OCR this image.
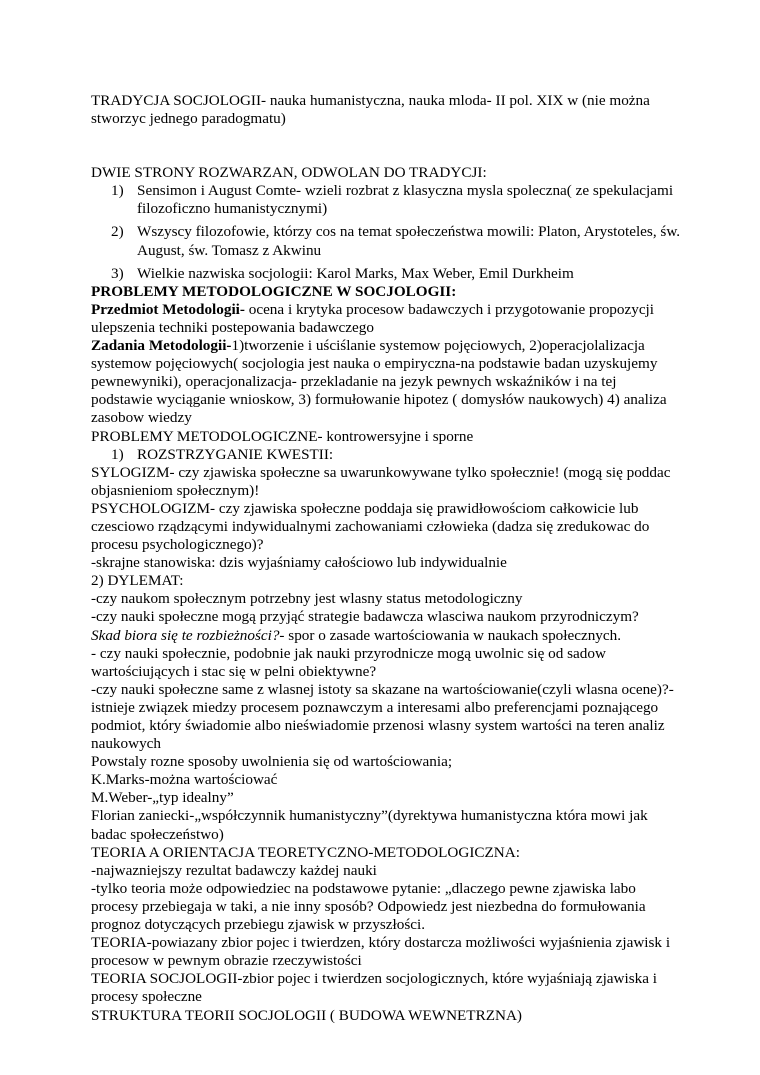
TRADYCJA SOCJOLOGII- nauka humanistyczna, nauka mloda- II pol. XIX w (nie można stworzyc jednego paradogmatu)

DWIE STRONY ROZWARZAN, ODWOLAN DO TRADYCJI:

1) Sensimon i August Comte- wzieli rozbrat z klasyczna mysla spoleczna( ze spekulacjami filozoficzno humanistycznymi)
2) Wszyscy filozofowie, którzy cos na temat społeczeństwa mowili: Platon, Arystoteles, św. August, św. Tomasz z Akwinu
3) Wielkie nazwiska socjologii: Karol Marks, Max Weber, Emil Durkheim

PROBLEMY METODOLOGICZNE W SOCJOLOGII:

Przedmiot Metodologii- ocena i krytyka procesow badawczych i przygotowanie propozycji ulepszenia techniki postepowania badawczego

Zadania Metodologii-1)tworzenie i uściślanie systemow pojęciowych, 2)operacjolalizacja systemow pojęciowych( socjologia jest nauka o empiryczna-na podstawie badan uzyskujemy pewnewyniki), operacjonalizacja- przekladanie na jezyk pewnych wskaźników i na tej podstawie wyciąganie wnioskow, 3) formułowanie hipotez ( domysłów naukowych) 4) analiza zasobow wiedzy

PROBLEMY METODOLOGICZNE- kontrowersyjne i sporne

1) ROZSTRZYGANIE KWESTII:

SYLOGIZM- czy zjawiska społeczne sa uwarunkowywane tylko społecznie! (mogą się poddac objasnieniom społecznym)!

PSYCHOLOGIZM- czy zjawiska społeczne poddaja się prawidłowościom całkowicie lub czesciowo rządzącymi indywidualnymi zachowaniami człowieka (dadza się zredukowac do procesu psychologicznego)?

-skrajne stanowiska: dzis wyjaśniamy całościowo lub indywidualnie

2) DYLEMAT:

-czy naukom społecznym potrzebny jest wlasny status metodologiczny

-czy nauki społeczne mogą przyjąć strategie badawcza wlasciwa naukom przyrodniczym?

Skad biora się te rozbieżności?- spor o zasade wartościowania w naukach społecznych.

- czy nauki społecznie, podobnie jak nauki przyrodnicze mogą uwolnic się od sadow wartościujących i stac się w pelni obiektywne?

-czy nauki społeczne same z wlasnej istoty sa skazane na wartościowanie(czyli wlasna ocene)?- istnieje związek miedzy procesem poznawczym a interesami albo preferencjami poznającego podmiot, który świadomie albo nieświadomie przenosi wlasny system wartości na teren analiz naukowych

Powstaly rozne sposoby uwolnienia się od wartościowania;

K.Marks-można wartościować

M.Weber-„typ idealny”

Florian zaniecki-„współczynnik humanistyczny”(dyrektywa humanistyczna która mowi jak badac społeczeństwo)

TEORIA A ORIENTACJA TEORETYCZNO-METODOLOGICZNA:

-najwazniejszy rezultat badawczy każdej nauki

-tylko teoria może odpowiedziec na podstawowe pytanie: „dlaczego pewne zjawiska labo procesy przebiegaja w taki, a nie inny sposób? Odpowiedz jest niezbedna do formułowania prognoz dotyczących przebiegu zjawisk w przyszłości.

TEORIA-powiazany zbior pojec i twierdzen, który dostarcza możliwości wyjaśnienia zjawisk i procesow w pewnym obrazie rzeczywistości

TEORIA SOCJOLOGII-zbior pojec i twierdzen socjologicznych, które wyjaśniają zjawiska i procesy społeczne

STRUKTURA TEORII SOCJOLOGII ( BUDOWA WEWNETRZNA)
